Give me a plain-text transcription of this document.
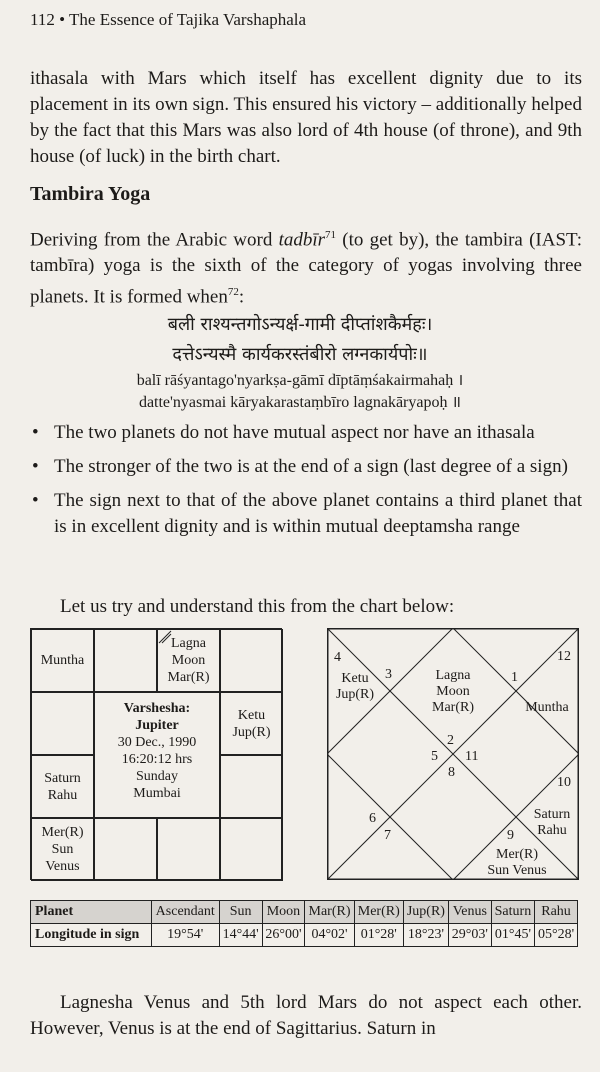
112 • The Essence of Tajika Varshaphala

ithasala with Mars which itself has excellent dignity due to its placement in its own sign. This ensured his victory – additionally helped by the fact that this Mars was also lord of 4th house (of throne), and 9th house (of luck) in the birth chart.

Tambira Yoga

Deriving from the Arabic word tadbīr$^{71}$ (to get by), the tambira (IAST: tambīra) yoga is the sixth of the category of yogas involving three planets. It is formed when$^{72}$:

बली राश्यन्तगोऽन्यर्क्ष-गामी दीप्तांशकैर्महः।
दत्तेऽन्यस्मै कार्यकरस्तंबीरो लग्नकार्यपोः॥
balī rāśyantago'nyarkṣa-gāmī dīptāṃśakairmahaḥ ।
datte'nyasmai kāryakarastaṃbīro lagnakāryapoḥ ॥
• The two planets do not have mutual aspect nor have an ithasala
• The stronger of the two is at the end of a sign (last degree of a sign)
• The sign next to that of the above planet contains a third planet that is in excellent dignity and is within mutual deeptamsha range

Let us try and understand this from the chart below:

Muntha
Lagna
Moon
Mar(R)
Ketu
Jup(R)
Saturn
Rahu
Mer(R)
Sun
Venus
Varshesha:
Jupiter
30 Dec., 1990
16:20:12 hrs
Sunday
Mumbai
4
3	1
12
2
5 11
8
10
6
7	9
Lagna
Moon
Mar(R)
Ketu
Jup(R)
Muntha
Saturn
Rahu
Mer(R)
Sun Venus
Planet	Ascendant	Sun	Moon	Mar(R)	Mer(R)	Jup(R)	Venus	Saturn	Rahu
Longitude in sign	19°54'	14°44'	26°00'	04°02'	01°28'	18°23'	29°03'	01°45'	05°28'

Lagnesha Venus and 5th lord Mars do not aspect each other. However, Venus is at the end of Sagittarius. Saturn in
